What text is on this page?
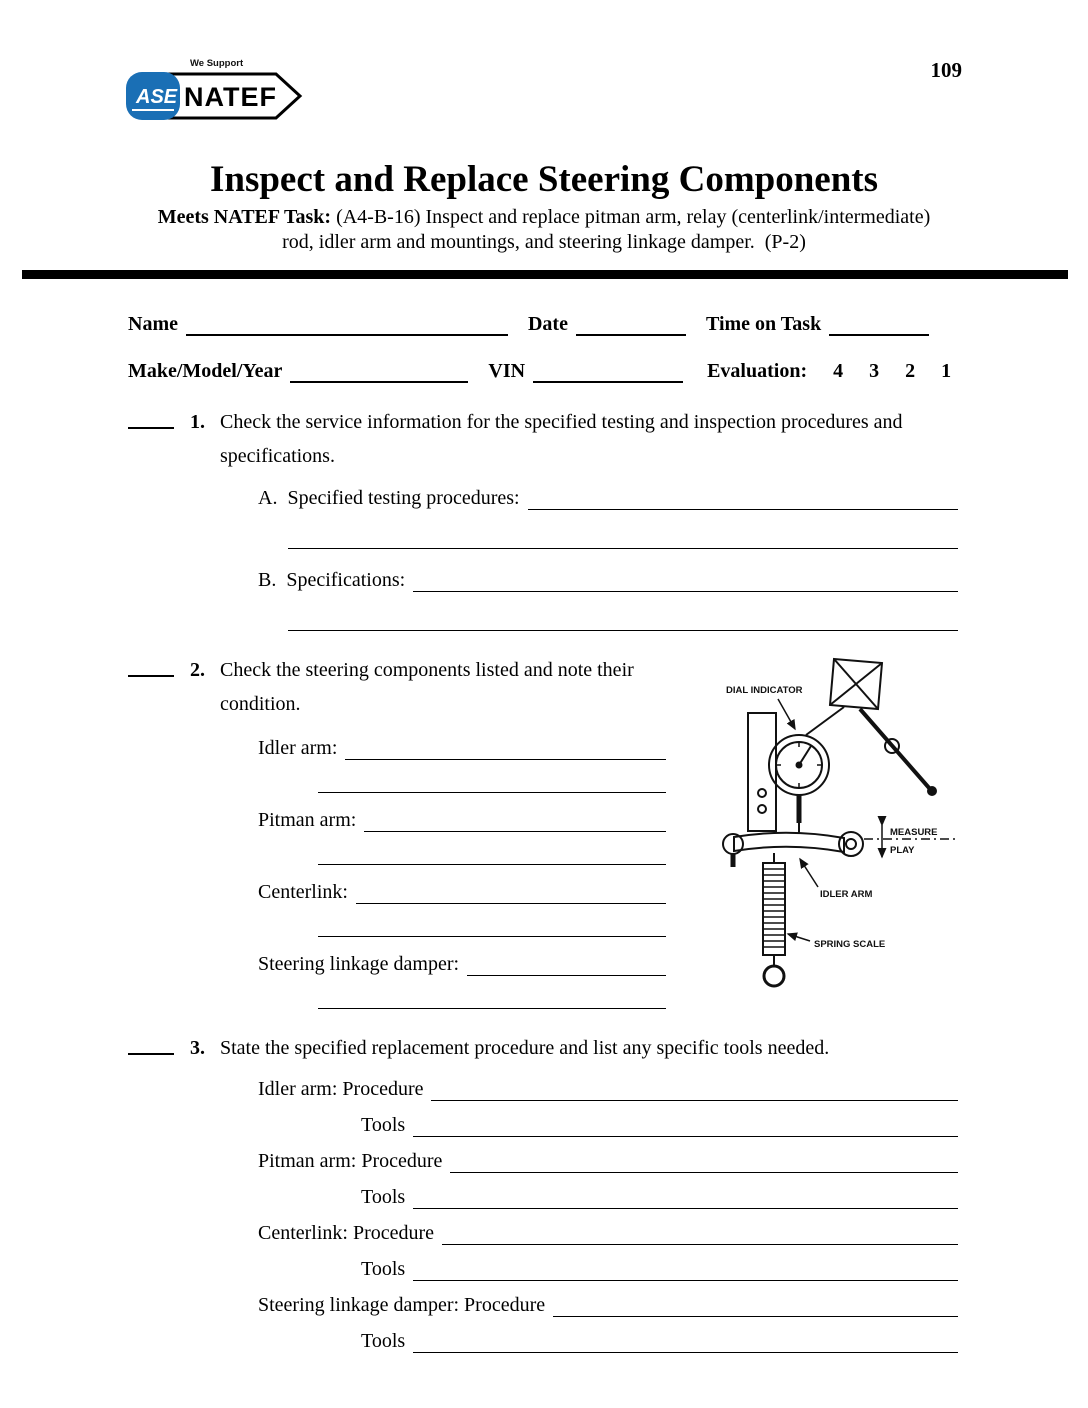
We Support
NATEF
ASE
109
Inspect and Replace Steering Components

Meets NATEF Task: (A4-B-16) Inspect and replace pitman arm, relay (centerlink/intermediate) rod, idler arm and mountings, and steering linkage damper.  (P-2)

Name	Date	Time on Task
Make/Model/Year	VIN	Evaluation: 4 3 2 1
1. Check the service information for the specified testing and inspection procedures and specifications.

A.  Specified testing procedures:
B.  Specifications:
2. Check the steering components listed and note their condition.

Idler arm:
Pitman arm:
Centerlink:
Steering linkage damper:
DIAL INDICATOR
MEASURE
PLAY
IDLER ARM
SPRING SCALE
3. State the specified replacement procedure and list any specific tools needed.

Idler arm: Procedure
Tools
Pitman arm: Procedure
Tools
Centerlink: Procedure
Tools
Steering linkage damper: Procedure
Tools
